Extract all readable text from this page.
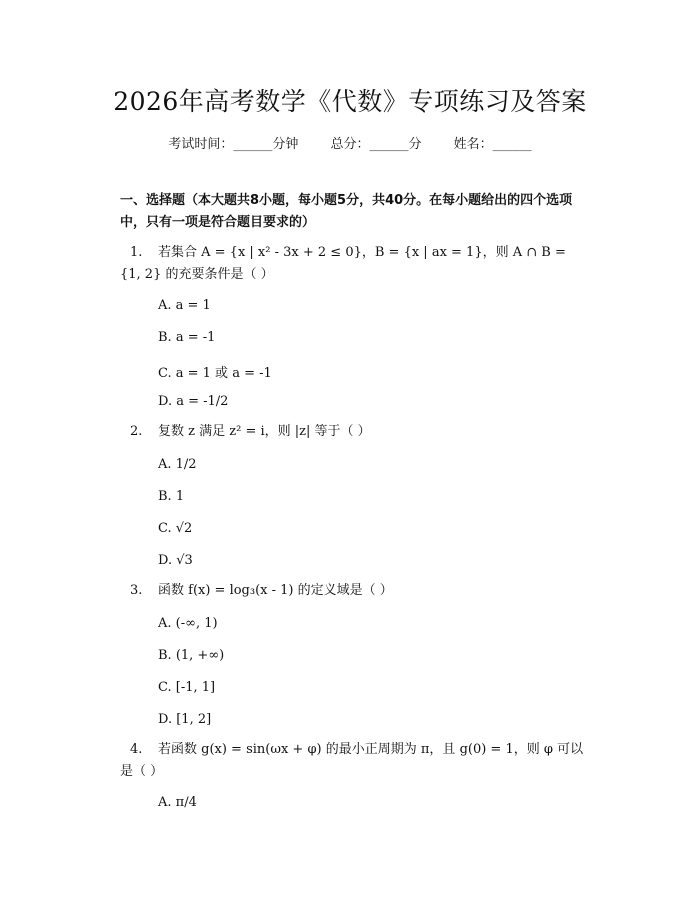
2026年高考数学《代数》专项练习及答案
考试时间：______分钟 总分：______分 姓名：______
一、选择题（本大题共8小题，每小题5分，共40分。在每小题给出的四个选项中，只有一项是符合题目要求的）
1. 若集合 A = {x | x² - 3x + 2 ≤ 0}，B = {x | ax = 1}，则 A ∩ B = {1, 2} 的充要条件是（ ）
A. a = 1
B. a = -1
C. a = 1 或 a = -1
D. a = -1/2
2. 复数 z 满足 z² = i，则 |z| 等于（ ）
A. 1/2
B. 1
C. √2
D. √3
3. 函数 f(x) = log₃(x - 1) 的定义域是（ ）
A. (-∞, 1)
B. (1, +∞)
C. [-1, 1]
D. [1, 2]
4. 若函数 g(x) = sin(ωx + φ) 的最小正周期为 π，且 g(0) = 1，则 φ 可以是（ ）
A. π/4
